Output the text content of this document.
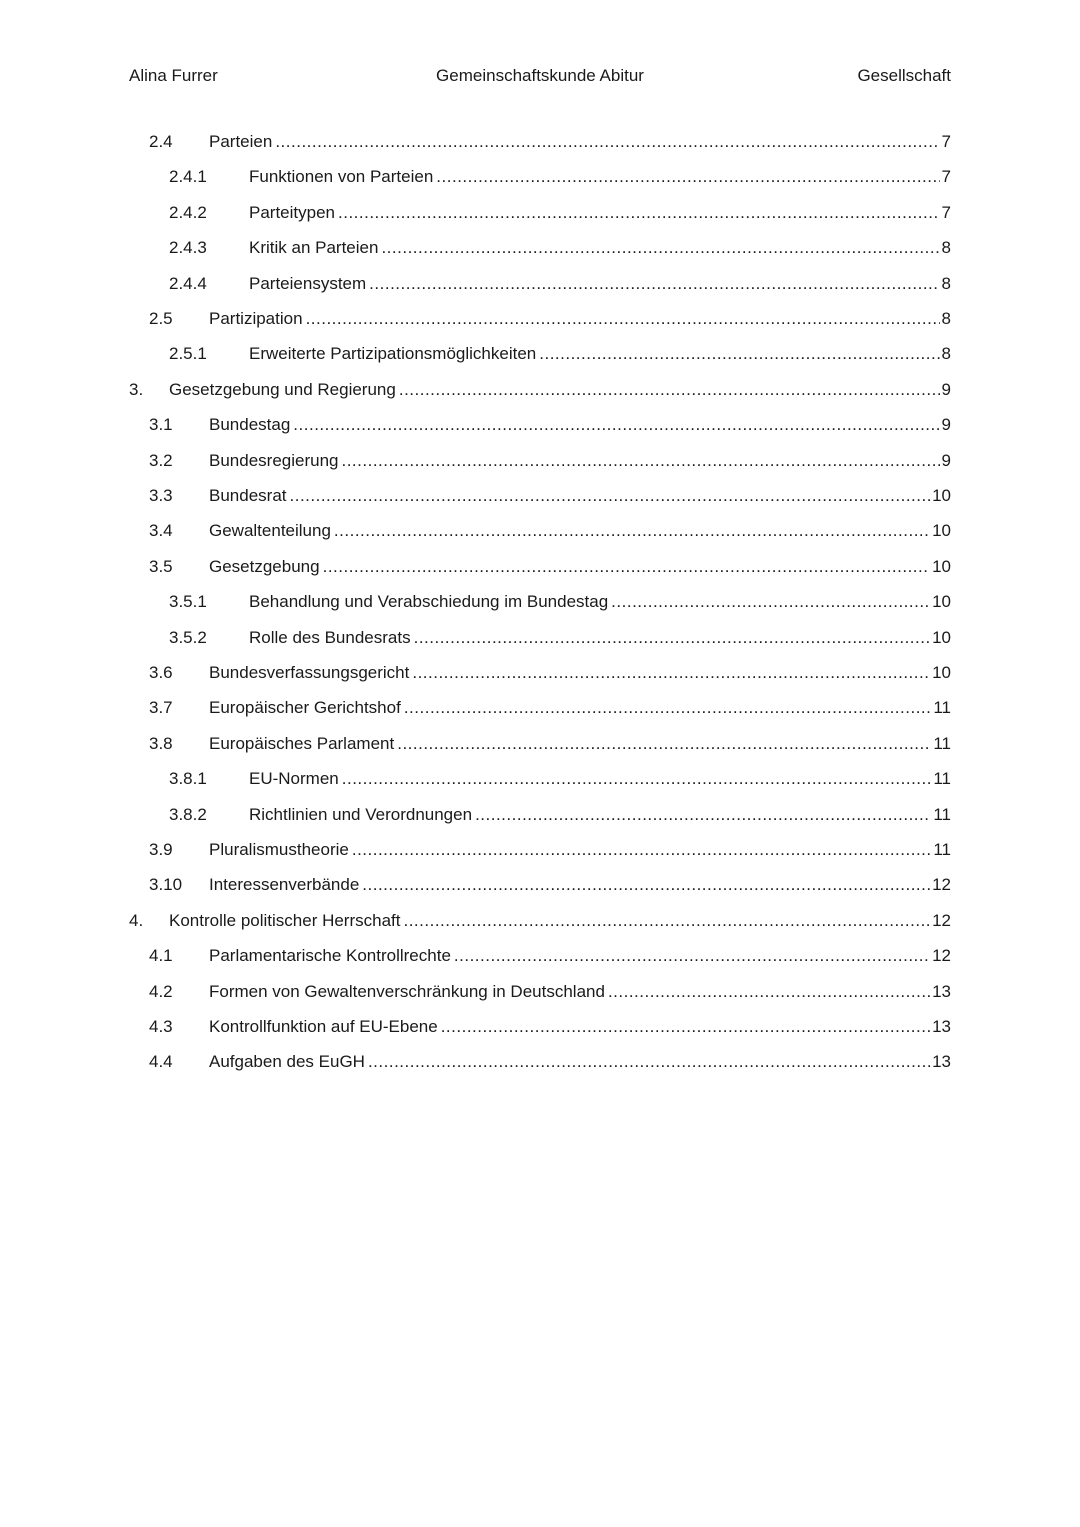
Alina Furrer	Gemeinschaftskunde Abitur	Gesellschaft
2.4	Parteien .....	7
2.4.1	Funktionen von Parteien .....	7
2.4.2	Parteitypen .....	7
2.4.3	Kritik an Parteien .....	8
2.4.4	Parteiensystem .....	8
2.5	Partizipation .....	8
2.5.1	Erweiterte Partizipationsmöglichkeiten .....	8
3.	Gesetzgebung und Regierung .....	9
3.1	Bundestag .....	9
3.2	Bundesregierung .....	9
3.3	Bundesrat .....	10
3.4	Gewaltenteilung .....	10
3.5	Gesetzgebung .....	10
3.5.1	Behandlung und Verabschiedung im Bundestag .....	10
3.5.2	Rolle des Bundesrats .....	10
3.6	Bundesverfassungsgericht .....	10
3.7	Europäischer Gerichtshof .....	11
3.8	Europäisches Parlament .....	11
3.8.1	EU-Normen .....	11
3.8.2	Richtlinien und Verordnungen .....	11
3.9	Pluralismustheorie .....	11
3.10	Interessenverbände .....	12
4.	Kontrolle politischer Herrschaft .....	12
4.1	Parlamentarische Kontrollrechte .....	12
4.2	Formen von Gewaltenverschränkung in Deutschland .....	13
4.3	Kontrollfunktion auf EU-Ebene .....	13
4.4	Aufgaben des EuGH .....	13
